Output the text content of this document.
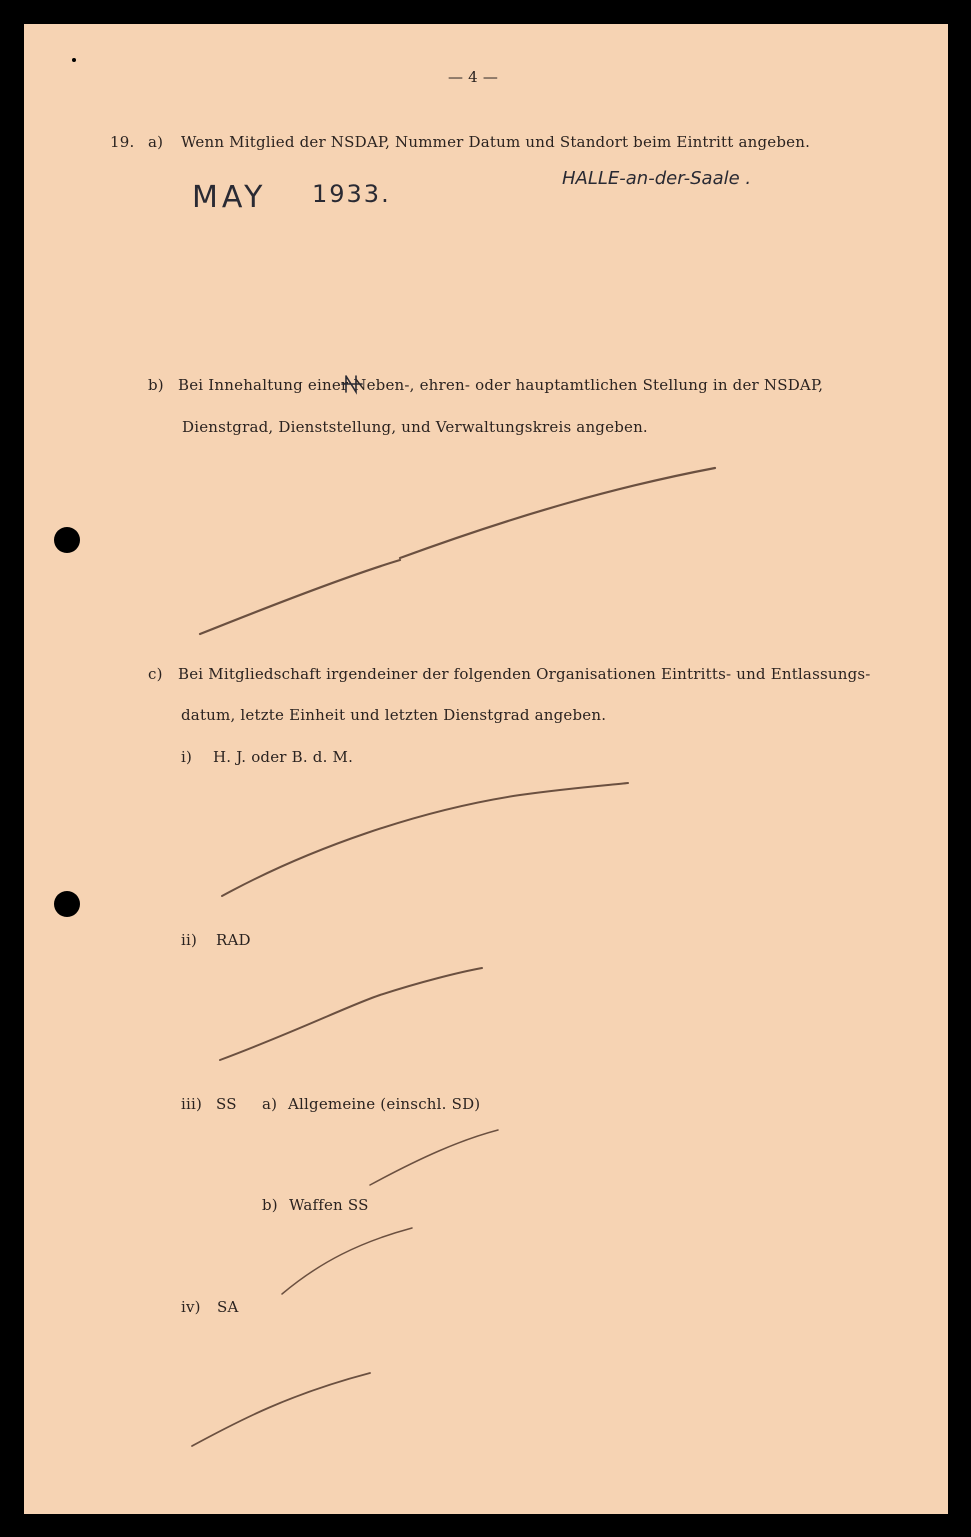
— 4 —
19. a) Wenn Mitglied der NSDAP, Nummer Datum und Standort beim Eintritt angeben.
MAY 1933.
HALLE-an-der-Saale .
b) Bei Innehaltung einer Neben-, ehren- oder hauptamtlichen Stellung in der NSDAP,
Dienstgrad, Dienststellung, und Verwaltungskreis angeben.
c) Bei Mitgliedschaft irgendeiner der folgenden Organisationen Eintritts- und Entlassungs-
datum, letzte Einheit und letzten Dienstgrad angeben.
i) H. J. oder B. d. M.
ii) RAD
iii) SS a) Allgemeine (einschl. SD)
b) Waffen SS
iv) SA
